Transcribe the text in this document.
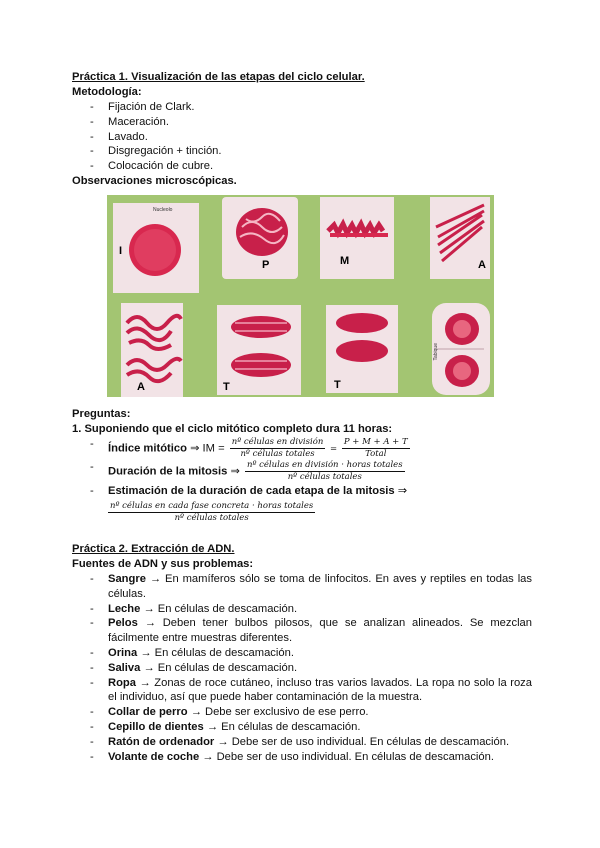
Práctica 1. Visualización de las etapas del ciclo celular.
Metodología:
- Fijación de Clark.
- Maceración.
- Lavado.
- Disgregación + tinción.
- Colocación de cubre.
Observaciones microscópicas.
I
Nucleolo
P	M	A
A	T	T
Tabique
Preguntas:
1. Suponiendo que el ciclo mitótico completo dura 11 horas:
- Índice mitótico ⇒ IM = $\frac{\text{nº células en división}}{\text{nº células totales}} = \frac{P + M + A + T}{\text{Total}}$
- Duración de la mitosis ⇒ $\frac{\text{nº células en división · horas totales}}{\text{nº células totales}}$
- Estimación de la duración de cada etapa de la mitosis ⇒
$\frac{\text{nº células en cada fase concreta · horas totales}}{\text{nº células totales}}$
Práctica 2. Extracción de ADN.
Fuentes de ADN y sus problemas:
- Sangre → En mamíferos sólo se toma de linfocitos. En aves y reptiles en todas las células.
- Leche → En células de descamación.
- Pelos → Deben tener bulbos pilosos, que se analizan alineados. Se mezclan fácilmente entre muestras diferentes.
- Orina → En células de descamación.
- Saliva → En células de descamación.
- Ropa → Zonas de roce cutáneo, incluso tras varios lavados. La ropa no solo la roza el individuo, así que puede haber contaminación de la muestra.
- Collar de perro → Debe ser exclusivo de ese perro.
- Cepillo de dientes → En células de descamación.
- Ratón de ordenador → Debe ser de uso individual. En células de descamación.
- Volante de coche → Debe ser de uso individual. En células de descamación.
